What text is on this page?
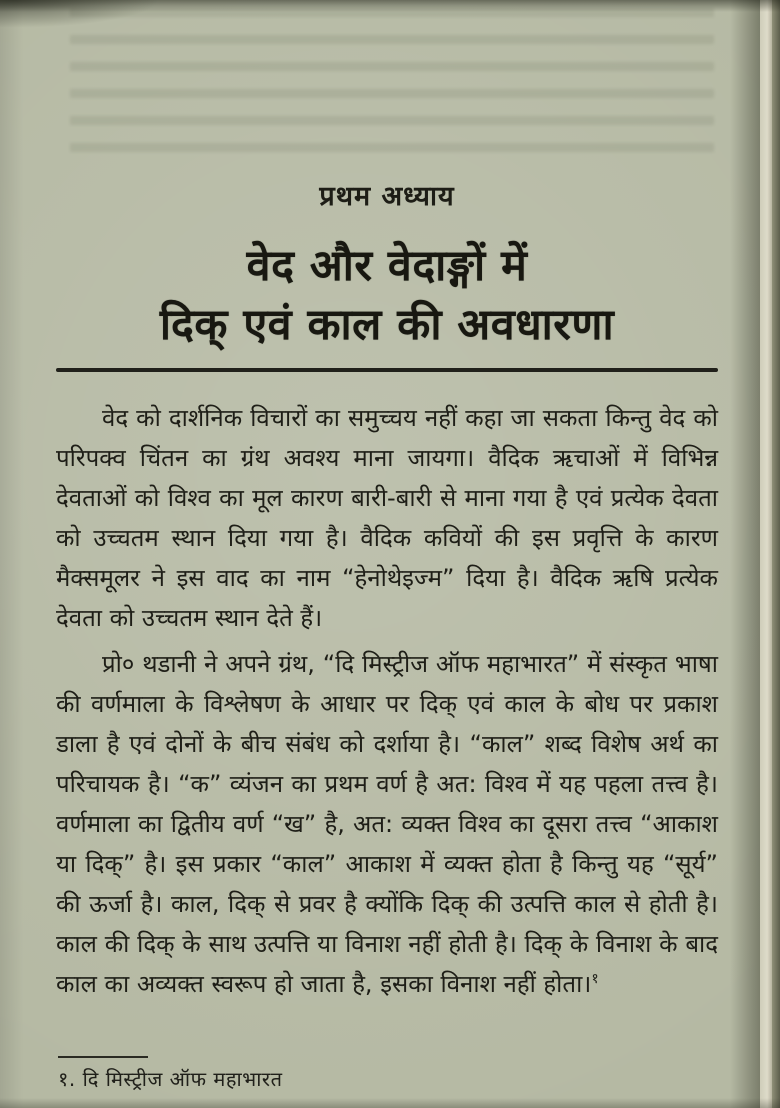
प्रथम अध्याय
वेद और वेदाङ्गों में
दिक् एवं काल की अवधारणा

वेद को दार्शनिक विचारों का समुच्चय नहीं कहा जा सकता किन्तु वेद को परिपक्व चिंतन का ग्रंथ अवश्य माना जायगा। वैदिक ऋचाओं में विभिन्न देवताओं को विश्व का मूल कारण बारी-बारी से माना गया है एवं प्रत्येक देवता को उच्चतम स्थान दिया गया है। वैदिक कवियों की इस प्रवृत्ति के कारण मैक्समूलर ने इस वाद का नाम “हेनोथेइज्म” दिया है। वैदिक ऋषि प्रत्येक देवता को उच्चतम स्थान देते हैं।

प्रो० थडानी ने अपने ग्रंथ, “दि मिस्ट्रीज ऑफ महाभारत” में संस्कृत भाषा की वर्णमाला के विश्लेषण के आधार पर दिक् एवं काल के बोध पर प्रकाश डाला है एवं दोनों के बीच संबंध को दर्शाया है। “काल” शब्द विशेष अर्थ का परिचायक है। “क” व्यंजन का प्रथम वर्ण है अत: विश्व में यह पहला तत्त्व है। वर्णमाला का द्वितीय वर्ण “ख” है, अत: व्यक्त विश्व का दूसरा तत्त्व “आकाश या दिक्” है। इस प्रकार “काल” आकाश में व्यक्त होता है किन्तु यह “सूर्य” की ऊर्जा है। काल, दिक् से प्रवर है क्योंकि दिक् की उत्पत्ति काल से होती है। काल की दिक् के साथ उत्पत्ति या विनाश नहीं होती है। दिक् के विनाश के बाद काल का अव्यक्त स्वरूप हो जाता है, इसका विनाश नहीं होता।$^१$

१. दि मिस्ट्रीज ऑफ महाभारत
